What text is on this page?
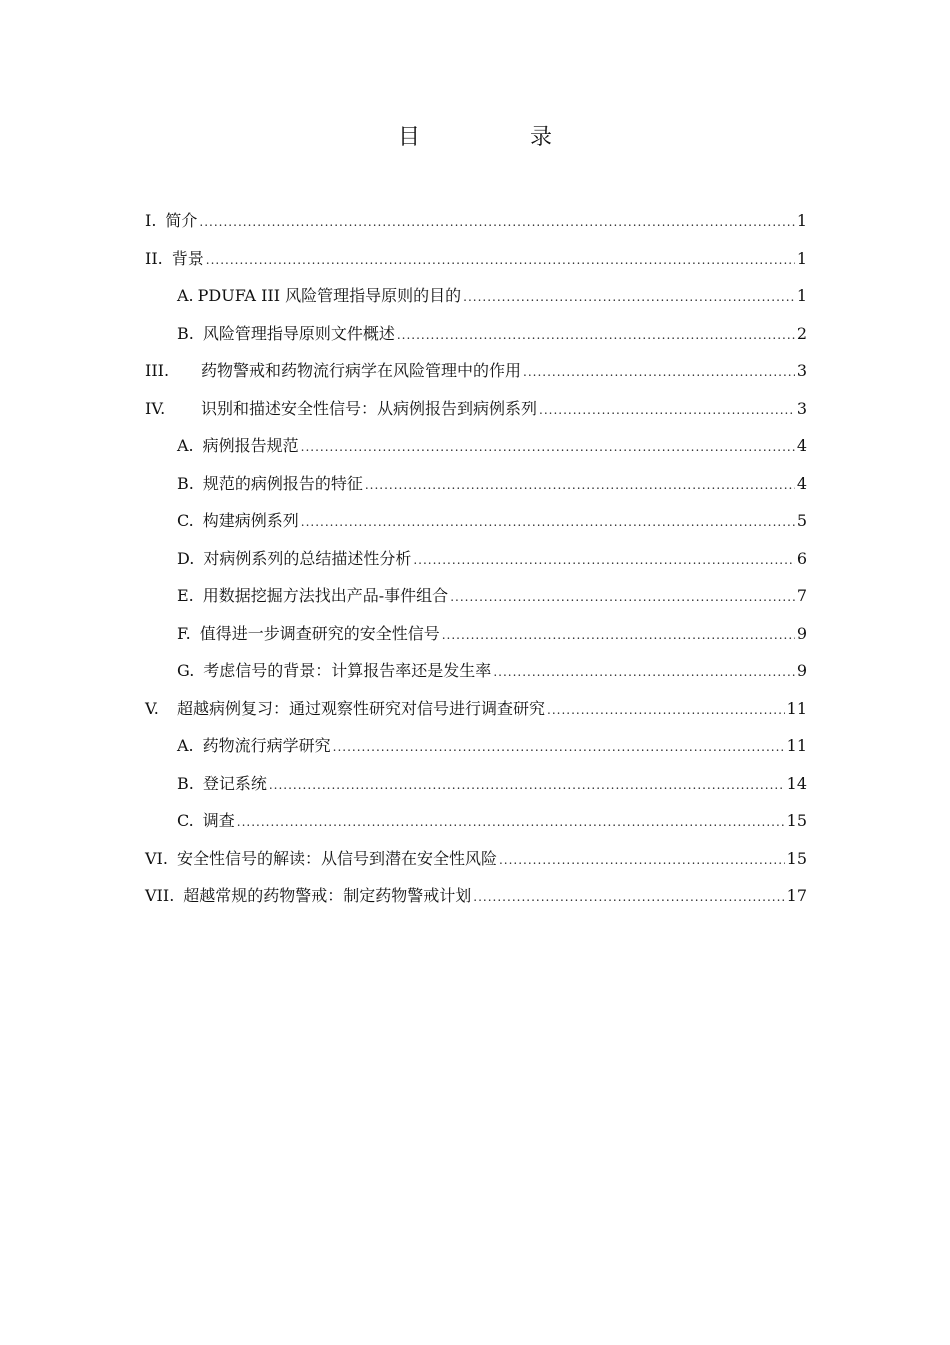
目　录
I. 简介 .....	1
II. 背景 .....	1
A. PDUFA III 风险管理指导原则的目的 .....	1
B. 风险管理指导原则文件概述 .....	2
III.	药物警戒和药物流行病学在风险管理中的作用 .....	3
IV.	识别和描述安全性信号：从病例报告到病例系列 .....	3
A. 病例报告规范 .....	4
B. 规范的病例报告的特征 .....	4
C. 构建病例系列 .....	5
D. 对病例系列的总结描述性分析 .....	6
E. 用数据挖掘方法找出产品-事件组合 .....	7
F. 值得进一步调查研究的安全性信号 .....	9
G. 考虑信号的背景：计算报告率还是发生率 .....	9
V.	超越病例复习：通过观察性研究对信号进行调查研究 .....	11
A. 药物流行病学研究 .....	11
B. 登记系统 .....	14
C. 调查 .....	15
VI. 安全性信号的解读：从信号到潜在安全性风险 .....	15
VII. 超越常规的药物警戒：制定药物警戒计划 .....	17
